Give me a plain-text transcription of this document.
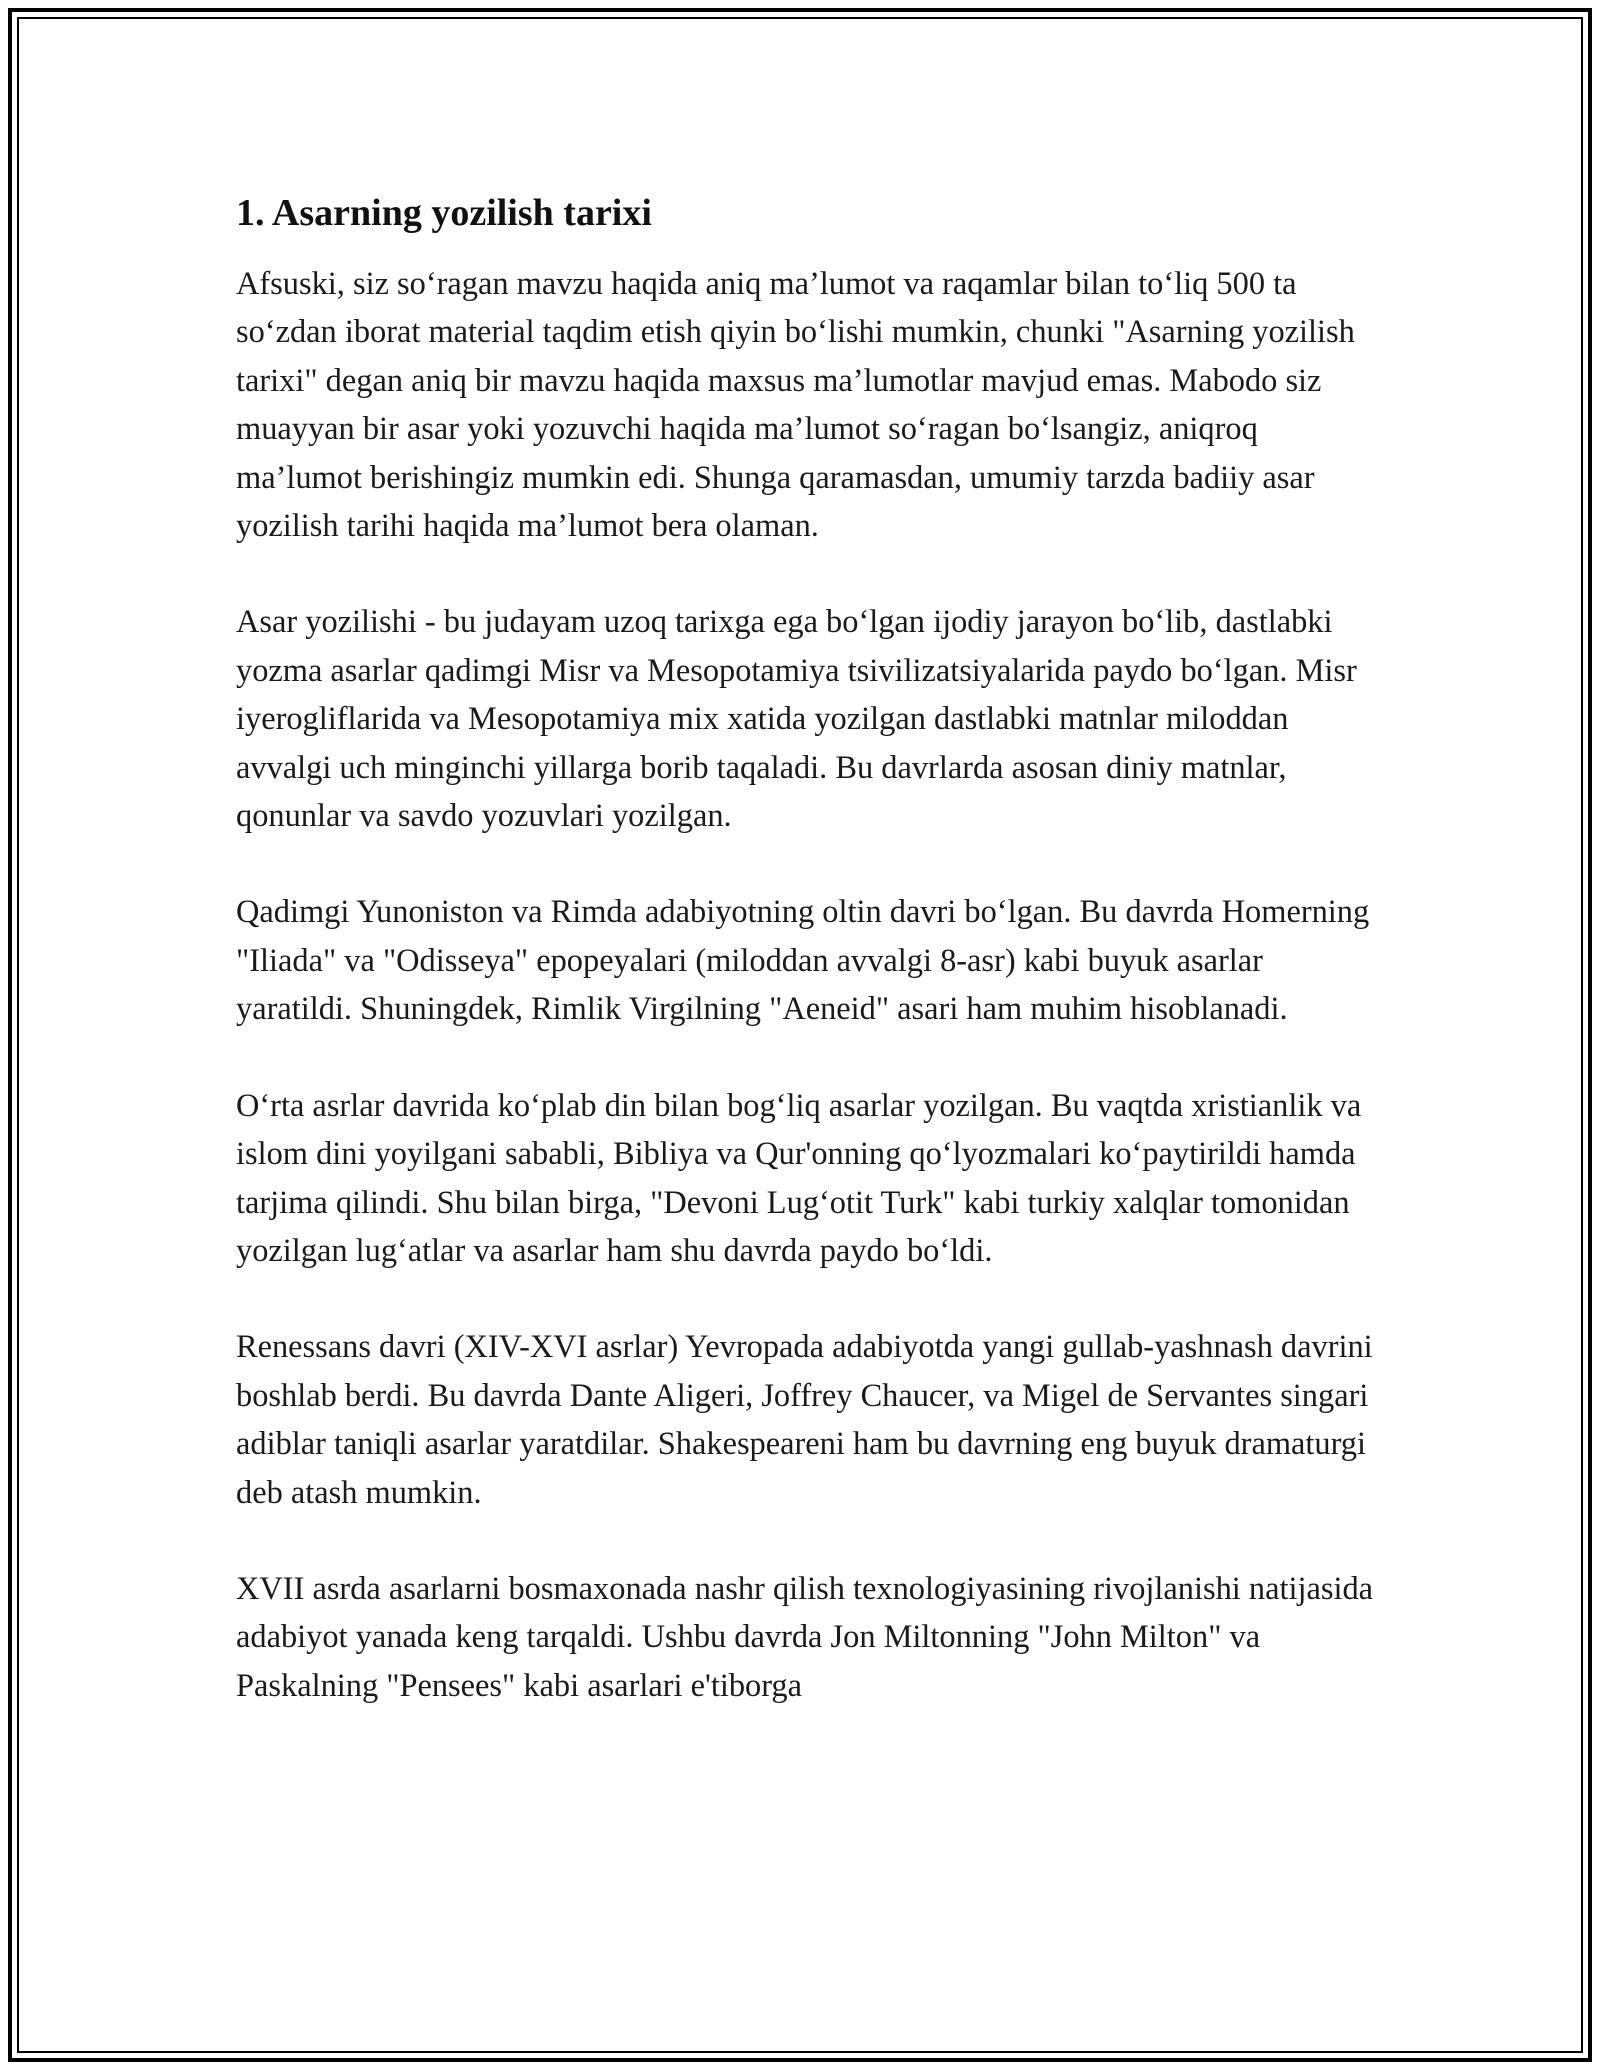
1. Asarning yozilish tarixi

Afsuski, siz so‘ragan mavzu haqida aniq ma’lumot va raqamlar bilan to‘liq 500 ta so‘zdan iborat material taqdim etish qiyin bo‘lishi mumkin, chunki "Asarning yozilish tarixi" degan aniq bir mavzu haqida maxsus ma’lumotlar mavjud emas. Mabodo siz muayyan bir asar yoki yozuvchi haqida ma’lumot so‘ragan bo‘lsangiz, aniqroq ma’lumot berishingiz mumkin edi. Shunga qaramasdan, umumiy tarzda badiiy asar yozilish tarihi haqida ma’lumot bera olaman.

Asar yozilishi - bu judayam uzoq tarixga ega bo‘lgan ijodiy jarayon bo‘lib, dastlabki yozma asarlar qadimgi Misr va Mesopotamiya tsivilizatsiyalarida paydo bo‘lgan. Misr iyerogliflarida va Mesopotamiya mix xatida yozilgan dastlabki matnlar miloddan avvalgi uch minginchi yillarga borib taqaladi. Bu davrlarda asosan diniy matnlar, qonunlar va savdo yozuvlari yozilgan.

Qadimgi Yunoniston va Rimda adabiyotning oltin davri bo‘lgan. Bu davrda Homerning "Iliada" va "Odisseya" epopeyalari (miloddan avvalgi 8-asr) kabi buyuk asarlar yaratildi. Shuningdek, Rimlik Virgilning "Aeneid" asari ham muhim hisoblanadi.

O‘rta asrlar davrida ko‘plab din bilan bog‘liq asarlar yozilgan. Bu vaqtda xristianlik va islom dini yoyilgani sababli, Bibliya va Qur'onning qo‘lyozmalari ko‘paytirildi hamda tarjima qilindi. Shu bilan birga, "Devoni Lug‘otit Turk" kabi turkiy xalqlar tomonidan yozilgan lug‘atlar va asarlar ham shu davrda paydo bo‘ldi.

Renessans davri (XIV-XVI asrlar) Yevropada adabiyotda yangi gullab-yashnash davrini boshlab berdi. Bu davrda Dante Aligeri, Joffrey Chaucer, va Migel de Servantes singari adiblar taniqli asarlar yaratdilar. Shakespeareni ham bu davrning eng buyuk dramaturgi deb atash mumkin.

XVII asrda asarlarni bosmaxonada nashr qilish texnologiyasining rivojlanishi natijasida adabiyot yanada keng tarqaldi. Ushbu davrda Jon Miltonning "John Milton" va Paskalning "Pensees" kabi asarlari e'tiborga
